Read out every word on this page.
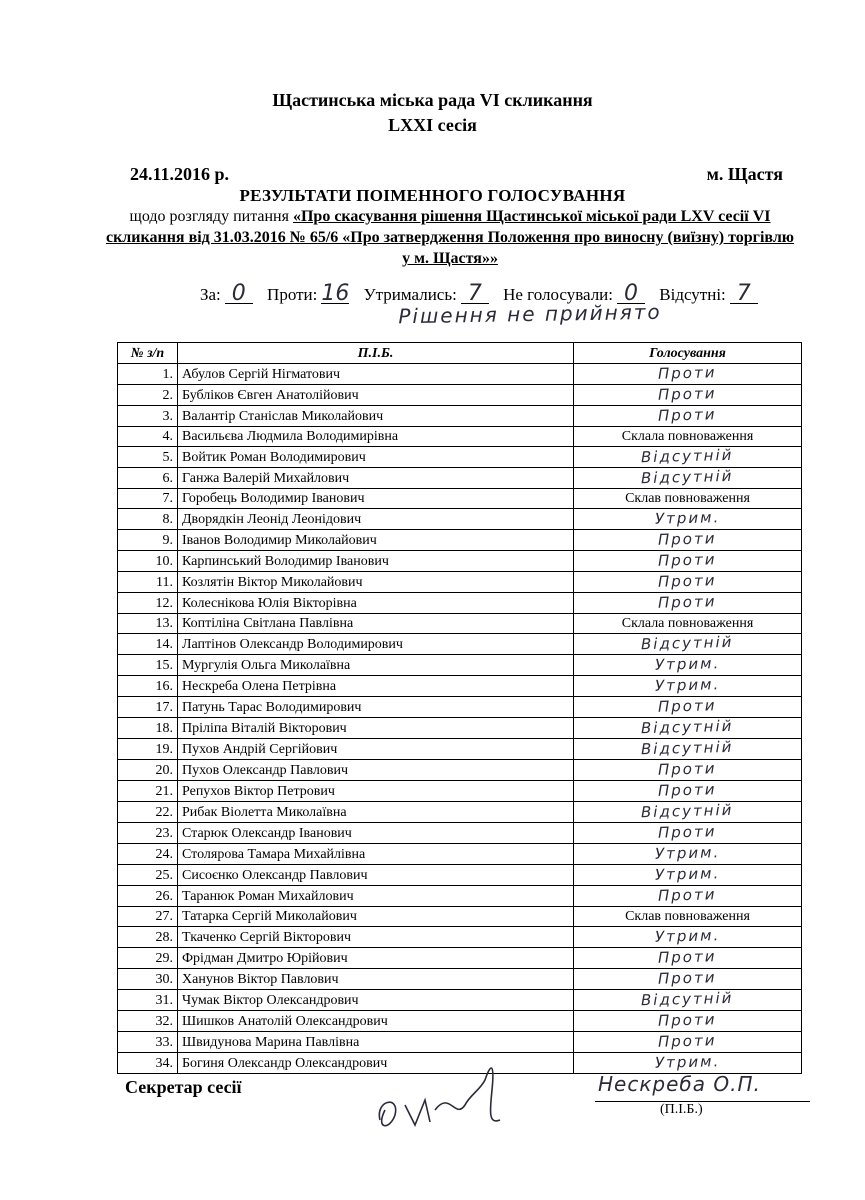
Щастинська міська рада VІ скликання
LXXI сесія
24.11.2016 р.	м. Щастя
РЕЗУЛЬТАТИ ПОІМЕННОГО ГОЛОСУВАННЯ
щодо розгляду питання «Про скасування рішення Щастинської міської ради LXV сесії VІ скликання від 31.03.2016 № 65/6 «Про затвердження Положення про виносну (виїзну) торгівлю у м. Щастя»»
За: 0 Проти: 16 Утримались: 7 Не голосували: 0 Відсутні: 7
Рішення не прийнято
№ з/п	П.І.Б.	Голосування
1.	Абулов Сергій Нігматович	Проти
2.	Бубліков Євген Анатолійович	Проти
3.	Валантір Станіслав Миколайович	Проти
4.	Васильєва Людмила Володимирівна	Склала повноваження
5.	Войтик Роман Володимирович	Відсутній
6.	Ганжа Валерій Михайлович	Відсутній
7.	Горобець Володимир Іванович	Склав повноваження
8.	Дворядкін Леонід Леонідович	Утрим.
9.	Іванов Володимир Миколайович	Проти
10.	Карпинський Володимир Іванович	Проти
11.	Козлятін Віктор Миколайович	Проти
12.	Колеснікова Юлія Вікторівна	Проти
13.	Коптіліна Світлана Павлівна	Склала повноваження
14.	Лаптінов Олександр Володимирович	Відсутній
15.	Мургулія Ольга Миколаївна	Утрим.
16.	Нескреба Олена Петрівна	Утрим.
17.	Патунь Тарас Володимирович	Проти
18.	Пріліпа Віталій Вікторович	Відсутній
19.	Пухов Андрій Сергійович	Відсутній
20.	Пухов Олександр Павлович	Проти
21.	Репухов Віктор Петрович	Проти
22.	Рибак Віолетта Миколаївна	Відсутній
23.	Старюк Олександр Іванович	Проти
24.	Столярова Тамара Михайлівна	Утрим.
25.	Сисоєнко Олександр Павлович	Утрим.
26.	Таранюк Роман Михайлович	Проти
27.	Татарка Сергій Миколайович	Склав повноваження
28.	Ткаченко Сергій Вікторович	Утрим.
29.	Фрідман Дмитро Юрійович	Проти
30.	Ханунов Віктор Павлович	Проти
31.	Чумак Віктор Олександрович	Відсутній
32.	Шишков Анатолій Олександрович	Проти
33.	Швидунова Марина Павлівна	Проти
34.	Богиня Олександр Олександрович	Утрим.
Секретар сесії	Нескреба О.П.
(П.І.Б.)
